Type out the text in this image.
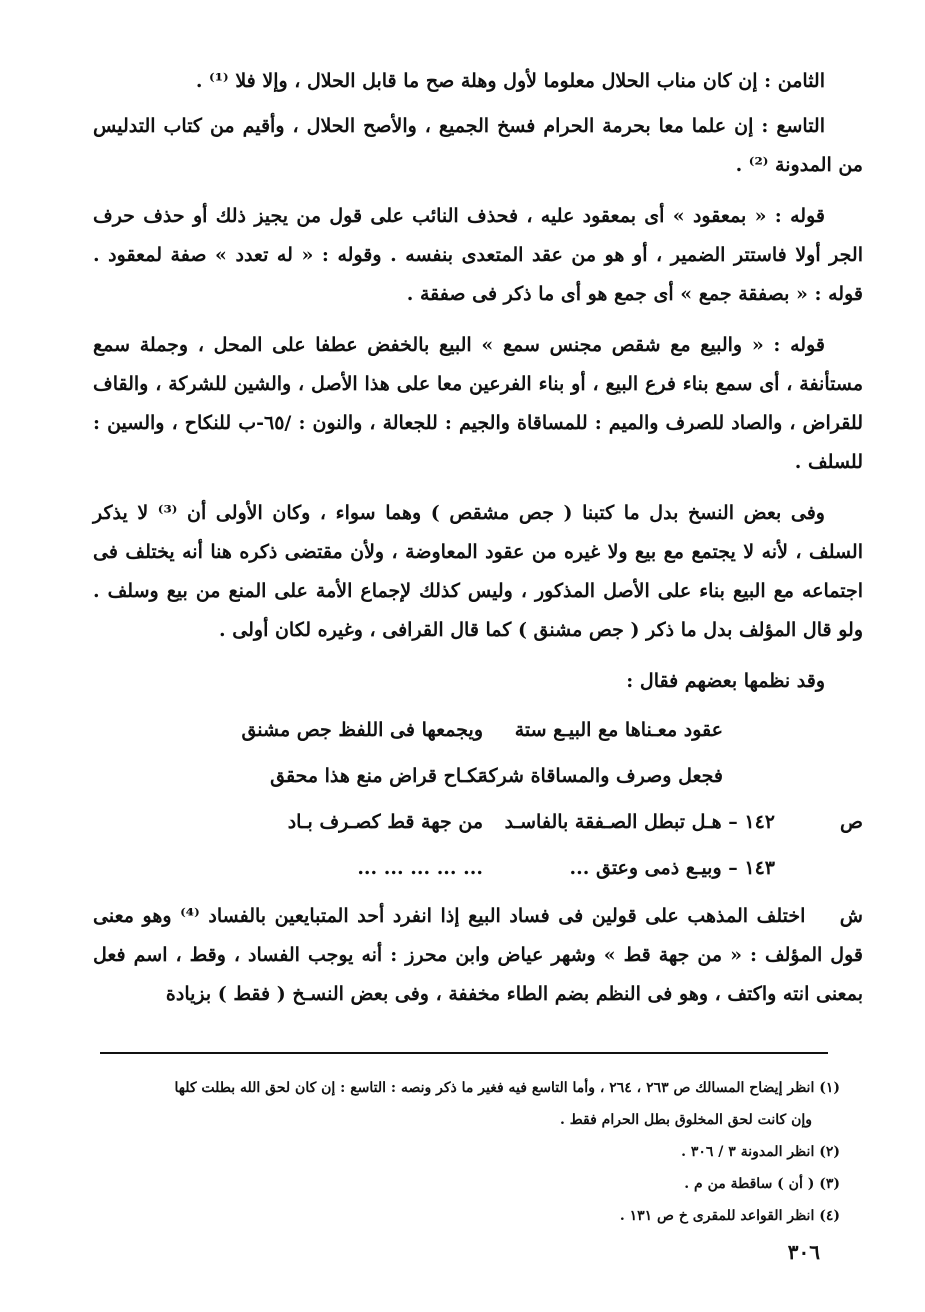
الثامن : إن كان مناب الحلال معلوما لأول وهلة صح ما قابل الحلال ، وإلا فلا ⁽¹⁾ .

التاسع : إن علما معا بحرمة الحرام فسخ الجميع ، والأصح الحلال ، وأقيم من كتاب التدليس من المدونة ⁽²⁾ .

قوله : « بمعقود » أى بمعقود عليه ، فحذف النائب على قول من يجيز ذلك أو حذف حرف الجر أولا فاستتر الضمير ، أو هو من عقد المتعدى بنفسه . وقوله : « له تعدد » صفة لمعقود . قوله : « بصفقة جمع » أى جمع هو أى ما ذكر فى صفقة .

قوله : « والبيع مع شقص مجنس سمع » البيع بالخفض عطفا على المحل ، وجملة سمع مستأنفة ، أى سمع بناء فرع البيع ، أو بناء الفرعين معا على هذا الأصل ، والشين للشركة ، والقاف للقراض ، والصاد للصرف والميم : للمساقاة والجيم : للجعالة ، والنون : /٦٥-ب للنكاح ، والسين : للسلف .

وفى بعض النسخ بدل ما كتبنا ( جص مشقص ) وهما سواء ، وكان الأولى أن ⁽³⁾ لا يذكر السلف ، لأنه لا يجتمع مع بيع ولا غيره من عقود المعاوضة ، ولأن مقتضى ذكره هنا أنه يختلف فى اجتماعه مع البيع بناء على الأصل المذكور ، وليس كذلك لإجماع الأمة على المنع من بيع وسلف . ولو قال المؤلف بدل ما ذكر ( جص مشنق ) كما قال القرافى ، وغيره لكان أولى .

وقد نظمها بعضهم فقال :

عقود معـناها مع البيـع ستة
ويجمعها فى اللفظ جص مشنق
فجعل وصرف والمساقاة شركة
نكـاح قراض منع هذا محقق
ص
١٤٢ – هـل تبطل الصـفقة بالفاسـد
من جهة قط كصـرف بـاد
١٤٣ – وبيـع ذمى وعتق ...
... ... ... ... ...

ش    اختلف المذهب على قولين فى فساد البيع إذا انفرد أحد المتبايعين بالفساد ⁽⁴⁾ وهو معنى قول المؤلف : « من جهة قط » وشهر عياض وابن محرز : أنه يوجب الفساد ، وقط ، اسم فعل بمعنى انته واكتف ، وهو فى النظم بضم الطاء مخففة ، وفى بعض النسـخ ( فقط ) بزيادة

(١) انظر إيضاح المسالك ص ٢٦٣ ، ٢٦٤ ، وأما التاسع فيه فغير ما ذكر ونصه : التاسع : إن كان لحق الله بطلت كلها
وإن كانت لحق المخلوق بطل الحرام فقط .

(٢) انظر المدونة ٣ / ٣٠٦ .

(٣) ( أن ) ساقطة من م .

(٤) انظر القواعد للمقرى خ ص ١٣١ .

٣٠٦
